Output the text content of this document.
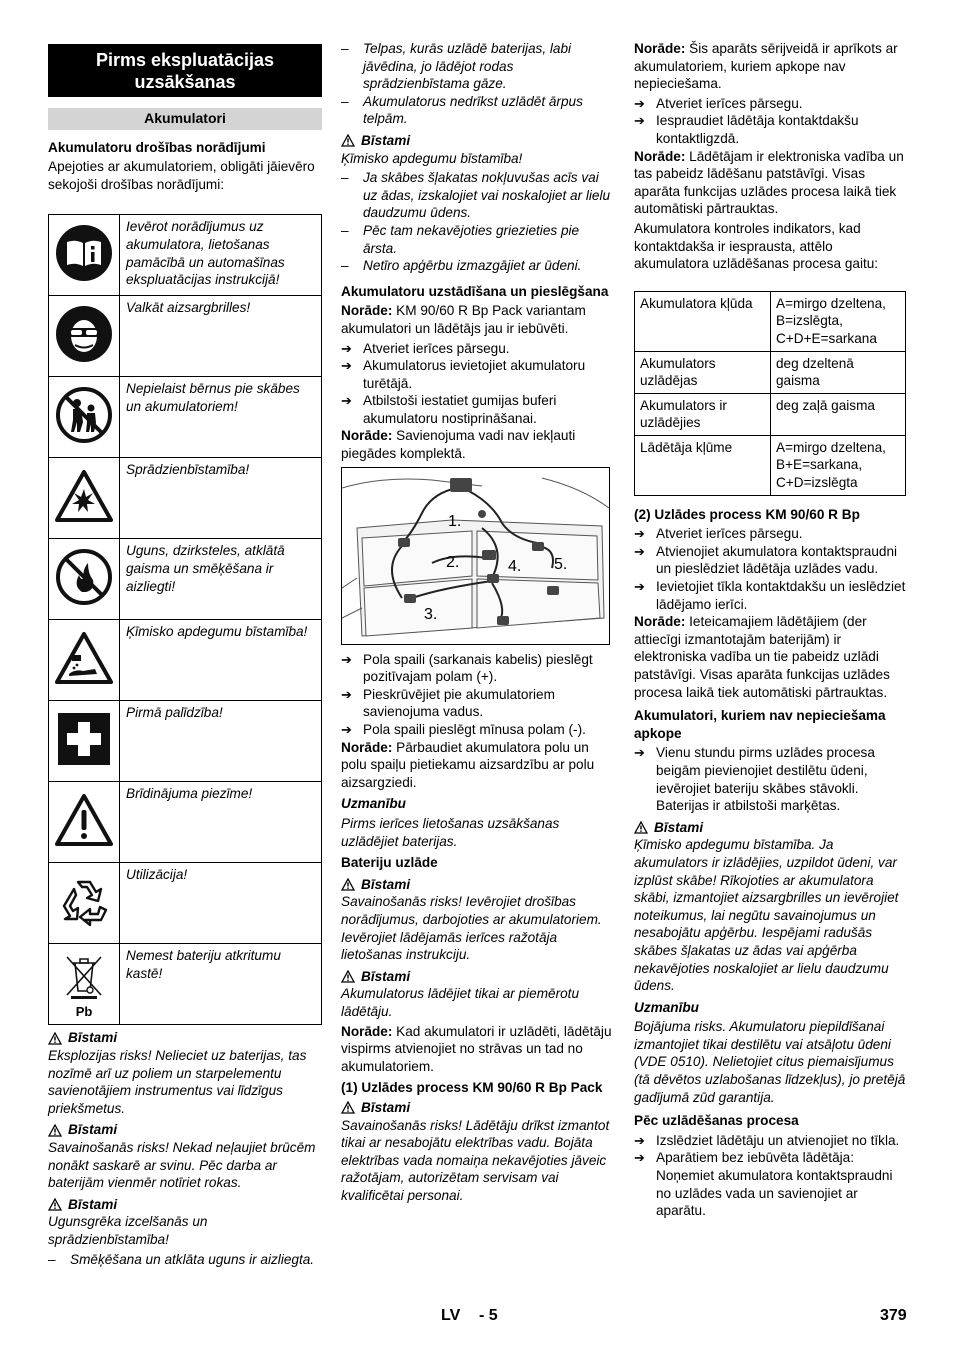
Pirms ekspluatācijas uzsākšanas
Akumulatori

Akumulatoru drošības norādījumi

Apejoties ar akumulatoriem, obligāti jāievēro sekojoši drošības norādījumi:

	Ievērot norādījumus uz akumulatora, lietošanas pamācībā un automašīnas ekspluatācijas instrukcijā!
	Valkāt aizsargbrilles!
	Nepielaist bērnus pie skābes un akumulatoriem!
	Sprādzienbīstamība!
	Uguns, dzirksteles, atklātā gaisma un smēķēšana ir aizliegti!
	Ķīmisko apdegumu bīstamība!
	Pirmā palīdzība!
	Brīdinājuma piezīme!
	Utilizācija!

Pb	Nemest bateriju atkritumu kastē!
Bīstami

Eksplozijas risks! Nelieciet uz baterijas, tas nozīmē arī uz poliem un starpelementu savienotājiem instrumentus vai līdzīgus priekšmetus.

Bīstami

Savainošanās risks! Nekad neļaujiet brūcēm nonākt saskarē ar svinu. Pēc darba ar baterijām vienmēr notīriet rokas.

Bīstami

Ugunsgrēka izcelšanās un sprādzienbīstamība!

–	Smēķēšana un atklāta uguns ir aizliegta.
–	Telpas, kurās uzlādē baterijas, labi jāvēdina, jo lādējot rodas sprādzienbīstama gāze.
–	Akumulatorus nedrīkst uzlādēt ārpus telpām.
Bīstami

Ķīmisko apdegumu bīstamība!

–	Ja skābes šļakatas nokļuvušas acīs vai uz ādas, izskalojiet vai noskalojiet ar lielu daudzumu ūdens.
–	Pēc tam nekavējoties griezieties pie ārsta.
–	Netīro apģērbu izmazgājiet ar ūdeni.

Akumulatoru uzstādīšana un pieslēgšana

Norāde: KM 90/60 R Bp Pack variantam akumulatori un lādētājs jau ir iebūvēti.

➔ Atveriet ierīces pārsegu.
➔ Akumulatorus ievietojiet akumulatoru turētājā.
➔ Atbilstoši iestatiet gumijas buferi akumulatoru nostiprināšanai.

Norāde: Savienojuma vadi nav iekļauti piegādes komplektā.

1.
2.
3.
4. 5.
➔ Pola spaili (sarkanais kabelis) pieslēgt pozitīvajam polam (+).
➔ Pieskrūvējiet pie akumulatoriem savienojuma vadus.
➔ Pola spaili pieslēgt mīnusa polam (-).

Norāde: Pārbaudiet akumulatora polu un polu spaiļu pietiekamu aizsardzību ar polu aizsargziedi.

Uzmanību

Pirms ierīces lietošanas uzsākšanas uzlādējiet baterijas.

Bateriju uzlāde

Bīstami

Savainošanās risks! Ievērojiet drošības norādījumus, darbojoties ar akumulatoriem. Ievērojiet lādējamās ierīces ražotāja lietošanas instrukciju.

Bīstami

Akumulatorus lādējiet tikai ar piemērotu lādētāju.

Norāde: Kad akumulatori ir uzlādēti, lādētāju vispirms atvienojiet no strāvas un tad no akumulatoriem.

(1) Uzlādes process KM 90/60 R Bp Pack

Bīstami

Savainošanās risks! Lādētāju drīkst izmantot tikai ar nesabojātu elektrības vadu. Bojāta elektrības vada nomaiņa nekavējoties jāveic ražotājam, autorizētam servisam vai kvalificētai personai.

Norāde: Šis aparāts sērijveidā ir aprīkots ar akumulatoriem, kuriem apkope nav nepieciešama.

➔ Atveriet ierīces pārsegu.
➔ Iespraudiet lādētāja kontaktdakšu kontaktligzdā.

Norāde: Lādētājam ir elektroniska vadība un tas pabeidz lādēšanu patstāvīgi. Visas aparāta funkcijas uzlādes procesa laikā tiek automātiski pārtrauktas.

Akumulatora kontroles indikators, kad kontaktdakša ir iesprausta, attēlo akumulatora uzlādēšanas procesa gaitu:

Akumulatora kļūda	A=mirgo dzeltena, B=izslēgta, C+D+E=sarkana
Akumulators uzlādējas	deg dzeltenā gaisma
Akumulators ir uzlādējies	deg zaļā gaisma
Lādētāja kļūme	A=mirgo dzeltena, B+E=sarkana, C+D=izslēgta

(2) Uzlādes process KM 90/60 R Bp

➔ Atveriet ierīces pārsegu.
➔ Atvienojiet akumulatora kontaktspraudni un pieslēdziet lādētāja uzlādes vadu.
➔ Ievietojiet tīkla kontaktdakšu un ieslēdziet lādējamo ierīci.

Norāde: Ieteicamajiem lādētājiem (der attiecīgi izmantotajām baterijām) ir elektroniska vadība un tie pabeidz uzlādi patstāvīgi. Visas aparāta funkcijas uzlādes procesa laikā tiek automātiski pārtrauktas.

Akumulatori, kuriem nav nepieciešama apkope

➔ Vienu stundu pirms uzlādes procesa beigām pievienojiet destilētu ūdeni, ievērojiet bateriju skābes stāvokli. Baterijas ir atbilstoši marķētas.
Bīstami

Ķīmisko apdegumu bīstamība. Ja akumulators ir izlādējies, uzpildot ūdeni, var izplūst skābe! Rīkojoties ar akumulatora skābi, izmantojiet aizsargbrilles un ievērojiet noteikumus, lai negūtu savainojumus un nesabojātu apģērbu. Iespējami radušās skābes šļakatas uz ādas vai apģērba nekavējoties noskalojiet ar lielu daudzumu ūdens.

Uzmanību

Bojājuma risks. Akumulatoru piepildīšanai izmantojiet tikai destilētu vai atsāļotu ūdeni (VDE 0510). Nelietojiet citus piemaisījumus (tā dēvētos uzlabošanas līdzekļus), jo pretējā gadījumā zūd garantija.

Pēc uzlādēšanas procesa

➔ Izslēdziet lādētāju un atvienojiet no tīkla.
➔ Aparātiem bez iebūvēta lādētāja: Noņemiet akumulatora kontaktspraudni no uzlādes vada un savienojiet ar aparātu.
LV - 5	379
